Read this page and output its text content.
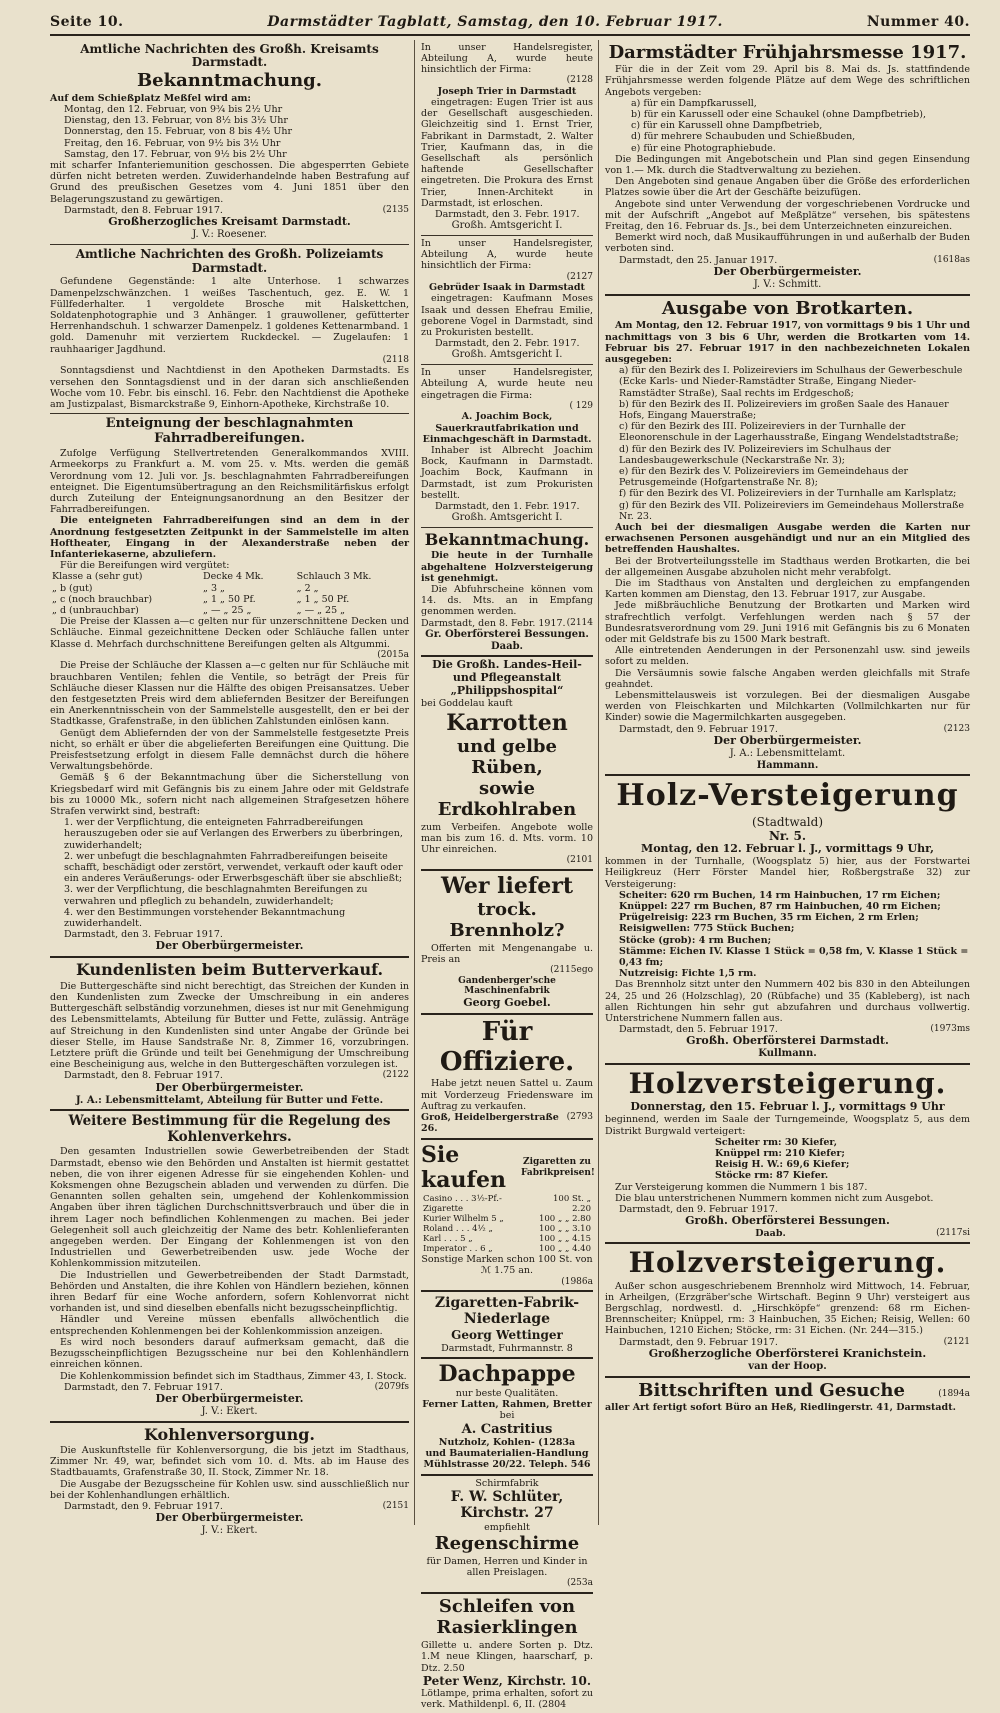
Seite 10.	Darmstädter Tagblatt, Samstag, den 10. Februar 1917.	Nummer 40.
Amtliche Nachrichten des Großh. Kreisamts Darmstadt.
Bekanntmachung.

Auf dem Schießplatz Meßfel wird am:

Montag, den 12. Februar, von 9¾ bis 2½ Uhr

Dienstag, den 13. Februar, von 8½ bis 3½ Uhr

Donnerstag, den 15. Februar, von 8 bis 4½ Uhr

Freitag, den 16. Februar, von 9½ bis 3½ Uhr

Samstag, den 17. Februar, von 9½ bis 2½ Uhr

mit scharfer Infanteriemunition geschossen. Die abgesperrten Gebiete dürfen nicht betreten werden. Zuwiderhandelnde haben Bestrafung auf Grund des preußischen Gesetzes vom 4. Juni 1851 über den Belagerungszustand zu gewärtigen.

Darmstadt, den 8. Februar 1917.	(2135
Großherzogliches Kreisamt Darmstadt.
J. V.: Roesener.
Amtliche Nachrichten des Großh. Polizeiamts Darmstadt.

Gefundene Gegenstände: 1 alte Unterhose. 1 schwarzes Damenpelzschwänzchen. 1 weißes Taschentuch, gez. E. W. 1 Füllfederhalter. 1 vergoldete Brosche mit Halskettchen, Soldatenphotographie und 3 Anhänger. 1 grauwollener, gefütterter Herrenhandschuh. 1 schwarzer Damenpelz. 1 goldenes Kettenarmband. 1 gold. Damenuhr mit verziertem Ruckdeckel. — Zugelaufen: 1 rauhhaariger Jagdhund.

(2118

Sonntagsdienst und Nachtdienst in den Apotheken Darmstadts. Es versehen den Sonntagsdienst und in der daran sich anschließenden Woche vom 10. Febr. bis einschl. 16. Febr. den Nachtdienst die Apotheke am Justizpalast, Bismarckstraße 9, Einhorn-Apotheke, Kirchstraße 10.

Enteignung der beschlagnahmten Fahrradbereifungen.

Zufolge Verfügung Stellvertretenden Generalkommandos XVIII. Armeekorps zu Frankfurt a. M. vom 25. v. Mts. werden die gemäß Verordnung vom 12. Juli vor. Js. beschlagnahmten Fahrradbereifungen enteignet. Die Eigentumsübertragung an den Reichsmilitärfiskus erfolgt durch Zuteilung der Enteignungsanordnung an den Besitzer der Fahrradbereifungen.

Die enteigneten Fahrradbereifungen sind an dem in der Anordnung festgesetzten Zeitpunkt in der Sammelstelle im alten Hoftheater, Eingang in der Alexanderstraße neben der Infanteriekaserne, abzuliefern.

Für die Bereifungen wird vergütet:

Klasse a (sehr gut)	Decke 4 Mk.	Schlauch 3 Mk.
„ b (gut)	„ 3 „	„ 2 „
„ c (noch brauchbar)	„ 1 „ 50 Pf.	„ 1 „ 50 Pf.
„ d (unbrauchbar)	„ — „ 25 „	„ — „ 25 „

Die Preise der Klassen a—c gelten nur für unzerschnittene Decken und Schläuche. Einmal gezeichnittene Decken oder Schläuche fallen unter Klasse d. Mehrfach durchschnittene Bereifungen gelten als Altgummi.

(2015a

Die Preise der Schläuche der Klassen a—c gelten nur für Schläuche mit brauchbaren Ventilen; fehlen die Ventile, so beträgt der Preis für Schläuche dieser Klassen nur die Hälfte des obigen Preisansatzes. Ueber den festgesetzten Preis wird dem abliefernden Besitzer der Bereifungen ein Anerkenntnisschein von der Sammelstelle ausgestellt, den er bei der Stadtkasse, Grafenstraße, in den üblichen Zahlstunden einlösen kann.

Genügt dem Abliefernden der von der Sammelstelle festgesetzte Preis nicht, so erhält er über die abgelieferten Bereifungen eine Quittung. Die Preisfestsetzung erfolgt in diesem Falle demnächst durch die höhere Verwaltungsbehörde.

Gemäß § 6 der Bekanntmachung über die Sicherstellung von Kriegsbedarf wird mit Gefängnis bis zu einem Jahre oder mit Geldstrafe bis zu 10000 Mk., sofern nicht nach allgemeinen Strafgesetzen höhere Strafen verwirkt sind, bestraft:

1. wer der Verpflichtung, die enteigneten Fahrradbereifungen herauszugeben oder sie auf Verlangen des Erwerbers zu überbringen, zuwiderhandelt;

2. wer unbefugt die beschlagnahmten Fahrradbereifungen beiseite schafft, beschädigt oder zerstört, verwendet, verkauft oder kauft oder ein anderes Veräußerungs- oder Erwerbsgeschäft über sie abschließt;

3. wer der Verpflichtung, die beschlagnahmten Bereifungen zu verwahren und pfleglich zu behandeln, zuwiderhandelt;

4. wer den Bestimmungen vorstehender Bekanntmachung zuwiderhandelt.

Darmstadt, den 3. Februar 1917.

Der Oberbürgermeister.
Kundenlisten beim Butterverkauf.

Die Buttergeschäfte sind nicht berechtigt, das Streichen der Kunden in den Kundenlisten zum Zwecke der Umschreibung in ein anderes Buttergeschäft selbständig vorzunehmen, dieses ist nur mit Genehmigung des Lebensmittelamts, Abteilung für Butter und Fette, zulässig. Anträge auf Streichung in den Kundenlisten sind unter Angabe der Gründe bei dieser Stelle, im Hause Sandstraße Nr. 8, Zimmer 16, vorzubringen. Letztere prüft die Gründe und teilt bei Genehmigung der Umschreibung eine Bescheinigung aus, welche in den Buttergeschäften vorzulegen ist.

Darmstadt, den 8. Februar 1917.	(2122
Der Oberbürgermeister.
J. A.: Lebensmittelamt, Abteilung für Butter und Fette.
Weitere Bestimmung für die Regelung des Kohlenverkehrs.

Den gesamten Industriellen sowie Gewerbetreibenden der Stadt Darmstadt, ebenso wie den Behörden und Anstalten ist hiermit gestattet neben, die von ihrer eigenen Adresse für sie eingehenden Kohlen- und Koksmengen ohne Bezugschein abladen und verwenden zu dürfen. Die Genannten sollen gehalten sein, umgehend der Kohlenkommission Angaben über ihren täglichen Durchschnittsverbrauch und über die in ihrem Lager noch befindlichen Kohlenmengen zu machen. Bei jeder Gelegenheit soll auch gleichzeitig der Name des betr. Kohlenlieferanten angegeben werden. Der Eingang der Kohlenmengen ist von den Industriellen und Gewerbetreibenden usw. jede Woche der Kohlenkommission mitzuteilen.

Die Industriellen und Gewerbetreibenden der Stadt Darmstadt, Behörden und Anstalten, die ihre Kohlen von Händlern beziehen, können ihren Bedarf für eine Woche anfordern, sofern Kohlenvorrat nicht vorhanden ist, und sind dieselben ebenfalls nicht bezugsscheinpflichtig.

Händler und Vereine müssen ebenfalls allwöchentlich die entsprechenden Kohlenmengen bei der Kohlenkommission anzeigen.

Es wird noch besonders darauf aufmerksam gemacht, daß die Bezugsscheinpflichtigen Bezugsscheine nur bei den Kohlenhändlern einreichen können.

Die Kohlenkommission befindet sich im Stadthaus, Zimmer 43, I. Stock.

Darmstadt, den 7. Februar 1917.	(2079fs
Der Oberbürgermeister.
J. V.: Ekert.
Kohlenversorgung.

Die Auskunftstelle für Kohlenversorgung, die bis jetzt im Stadthaus, Zimmer Nr. 49, war, befindet sich vom 10. d. Mts. ab im Hause des Stadtbauamts, Grafenstraße 30, II. Stock, Zimmer Nr. 18.

Die Ausgabe der Bezugsscheine für Kohlen usw. sind ausschließlich nur bei der Kohlenhandlungen erhältlich.

Darmstadt, den 9. Februar 1917.	(2151
Der Oberbürgermeister.
J. V.: Ekert.
In unser Handelsregister, Abteilung A, wurde heute hinsichtlich der Firma:
(2128
Joseph Trier in Darmstadt

eingetragen: Eugen Trier ist aus der Gesellschaft ausgeschieden. Gleichzeitig sind 1. Ernst Trier, Fabrikant in Darmstadt, 2. Walter Trier, Kaufmann das, in die Gesellschaft als persönlich haftende Gesellschafter eingetreten. Die Prokura des Ernst Trier, Innen-Architekt in Darmstadt, ist erloschen.

Darmstadt, den 3. Febr. 1917.

Großh. Amtsgericht I.

In unser Handelsregister, Abteilung A, wurde heute hinsichtlich der Firma:

(2127
Gebrüder Isaak in Darmstadt

eingetragen: Kaufmann Moses Isaak und dessen Ehefrau Emilie, geborene Vogel in Darmstadt, sind zu Prokuristen bestellt.

Darmstadt, den 2. Febr. 1917.

Großh. Amtsgericht I.

In unser Handelsregister, Abteilung A, wurde heute neu eingetragen die Firma:

( 129
A. Joachim Bock, Sauerkrautfabrikation und Einmachgeschäft in Darmstadt.

Inhaber ist Albrecht Joachim Bock, Kaufmann in Darmstadt. Joachim Bock, Kaufmann in Darmstadt, ist zum Prokuristen bestellt.

Darmstadt, den 1. Febr. 1917.

Großh. Amtsgericht I.
Bekanntmachung.

Die heute in der Turnhalle abgehaltene Holzversteigerung ist genehmigt.

Die Abfuhrscheine können vom 14. ds. Mts. an in Empfang genommen werden.

Darmstadt, den 8. Febr. 1917. (2114
Gr. Oberförsterei Bessungen.
Daab.
Die Großh. Landes-Heil- und Pflegeanstalt „Philippshospital“
bei Goddelau kauft
Karrotten
und gelbe Rüben,
sowie Erdkohlraben

zum Verbeifen. Angebote wolle man bis zum 16. d. Mts. vorm. 10 Uhr einreichen.

(2101
Wer liefert
trock. Brennholz?

Offerten mit Mengenangabe u. Preis an

(2115ego
Gandenberger'sche Maschinenfabrik
Georg Goebel.
Für Offiziere.

Habe jetzt neuen Sattel u. Zaum mit Vorderzeug Friedensware im Auftrag zu verkaufen.

Groß, Heidelbergerstraße 26.
(2793
Sie kaufen
Zigaretten zu Fabrikpreisen!
Casino . . . 3½-Pf.-Zigarette	100 St. „ 2.20
Kurier Wilhelm 5 „	100 „ „ 2.80
Roland . . . 4½ „	100 „ „ 3.10
Karl . . . 5 „	100 „ „ 4.15
Imperator . . 6 „	100 „ „ 4.40

Sonstige Marken schon 100 St. von ℳ 1.75 an.

(1986a
Zigaretten-Fabrik-Niederlage
Georg Wettinger
Darmstadt, Fuhrmannstr. 8
Dachpappe
nur beste Qualitäten.
Ferner Latten, Rahmen, Bretter
bei
A. Castritius
Nutzholz, Kohlen- (1283a
und Baumaterialien-Handlung
Mühlstrasse 20/22. Teleph. 546
Schirmfabrik
F. W. Schlüter, Kirchstr. 27
empfiehlt
Regenschirme

für Damen, Herren und Kinder in allen Preislagen.

(253a
Schleifen von
Rasierklingen

Gillette u. andere Sorten p. Dtz. 1.M neue Klingen, haarscharf, p. Dtz. 2.50

Peter Wenz, Kirchstr. 10.

Lötlampe, prima erhalten, sofort zu verk. Mathildenpl. 6, II. (2804

Darmstädter Frühjahrsmesse 1917.

Für die in der Zeit vom 29. April bis 8. Mai ds. Js. stattfindende Frühjahrsmesse werden folgende Plätze auf dem Wege des schriftlichen Angebots vergeben:

a) für ein Dampfkarussell,

b) für ein Karussell oder eine Schaukel (ohne Dampfbetrieb),

c) für ein Karussell ohne Dampfbetrieb,

d) für mehrere Schaubuden und Schießbuden,

e) für eine Photographiebude.

Die Bedingungen mit Angebotschein und Plan sind gegen Einsendung von 1.— Mk. durch die Stadtverwaltung zu beziehen.

Den Angeboten sind genaue Angaben über die Größe des erforderlichen Platzes sowie über die Art der Geschäfte beizufügen.

Angebote sind unter Verwendung der vorgeschriebenen Vordrucke und mit der Aufschrift „Angebot auf Meßplätze“ versehen, bis spätestens Freitag, den 16. Februar ds. Js., bei dem Unterzeichneten einzureichen.

Bemerkt wird noch, daß Musikaufführungen in und außerhalb der Buden verboten sind.

Darmstadt, den 25. Januar 1917.	(1618as
Der Oberbürgermeister.
J. V.: Schmitt.
Ausgabe von Brotkarten.

Am Montag, den 12. Februar 1917, von vormittags 9 bis 1 Uhr und nachmittags von 3 bis 6 Uhr, werden die Brotkarten vom 14. Februar bis 27. Februar 1917 in den nachbezeichneten Lokalen ausgegeben:

a) für den Bezirk des I. Polizeireviers im Schulhaus der Gewerbeschule (Ecke Karls- und Nieder-Ramstädter Straße, Eingang Nieder-Ramstädter Straße), Saal rechts im Erdgeschoß;

b) für den Bezirk des II. Polizeireviers im großen Saale des Hanauer Hofs, Eingang Mauerstraße;

c) für den Bezirk des III. Polizeireviers in der Turnhalle der Eleonorenschule in der Lagerhausstraße, Eingang Wendelstadtstraße;

d) für den Bezirk des IV. Polizeireviers im Schulhaus der Landesbaugewerkschule (Neckarstraße Nr. 3);

e) für den Bezirk des V. Polizeireviers im Gemeindehaus der Petrusgemeinde (Hofgartenstraße Nr. 8);

f) für den Bezirk des VI. Polizeireviers in der Turnhalle am Karlsplatz;

g) für den Bezirk des VII. Polizeireviers im Gemeindehaus Mollerstraße Nr. 23.

Auch bei der diesmaligen Ausgabe werden die Karten nur erwachsenen Personen ausgehändigt und nur an ein Mitglied des betreffenden Haushaltes.

Bei der Brotverteilungsstelle im Stadthaus werden Brotkarten, die bei der allgemeinen Ausgabe abzuholen nicht mehr verabfolgt.

Die im Stadthaus von Anstalten und dergleichen zu empfangenden Karten kommen am Dienstag, den 13. Februar 1917, zur Ausgabe.

Jede mißbräuchliche Benutzung der Brotkarten und Marken wird strafrechtlich verfolgt. Verfehlungen werden nach § 57 der Bundesratsverordnung vom 29. Juni 1916 mit Gefängnis bis zu 6 Monaten oder mit Geldstrafe bis zu 1500 Mark bestraft.

Alle eintretenden Aenderungen in der Personenzahl usw. sind jeweils sofort zu melden.

Die Versäumnis sowie falsche Angaben werden gleichfalls mit Strafe geahndet.

Lebensmittelausweis ist vorzulegen. Bei der diesmaligen Ausgabe werden von Fleischkarten und Milchkarten (Vollmilchkarten nur für Kinder) sowie die Magermilchkarten ausgegeben.

Darmstadt, den 9. Februar 1917.	(2123
Der Oberbürgermeister.
J. A.: Lebensmittelamt.
Hammann.
Holz-Versteigerung
(Stadtwald)
Nr. 5.
Montag, den 12. Februar l. J., vormittags 9 Uhr,

kommen in der Turnhalle, (Woogsplatz 5) hier, aus der Forstwartei Heiligkreuz (Herr Förster Mandel hier, Roßbergstraße 32) zur Versteigerung:

Scheiter: 620 rm Buchen, 14 rm Hainbuchen, 17 rm Eichen;

Knüppel: 227 rm Buchen, 87 rm Hainbuchen, 40 rm Eichen;

Prügelreisig: 223 rm Buchen, 35 rm Eichen, 2 rm Erlen;

Reisigwellen: 775 Stück Buchen;

Stöcke (grob): 4 rm Buchen;

Stämme: Eichen IV. Klasse 1 Stück = 0,58 fm, V. Klasse 1 Stück = 0,43 fm;

Nutzreisig: Fichte 1,5 rm.

Das Brennholz sitzt unter den Nummern 402 bis 830 in den Abteilungen 24, 25 und 26 (Holzschlag), 20 (Rübfache) und 35 (Kableberg), ist nach allen Richtungen hin sehr gut abzufahren und durchaus vollwertig. Unterstrichene Nummern fallen aus.

Darmstadt, den 5. Februar 1917.	(1973ms
Großh. Oberförsterei Darmstadt.
Kullmann.
Holzversteigerung.
Donnerstag, den 15. Februar l. J., vormittags 9 Uhr

beginnend, werden im Saale der Turngemeinde, Woogsplatz 5, aus dem Distrikt Burgwald verteigert:

Scheiter rm: 30 Kiefer,

Knüppel rm: 210 Kiefer;

Reisig H. W.: 69,6 Kiefer;

Stöcke rm: 87 Kiefer.

Zur Versteigerung kommen die Nummern 1 bis 187.

Die blau unterstrichenen Nummern kommen nicht zum Ausgebot.

Darmstadt, den 9. Februar 1917.

Großh. Oberförsterei Bessungen.
Daab.	(2117si
Holzversteigerung.

Außer schon ausgeschriebenem Brennholz wird Mittwoch, 14. Februar, in Arheilgen, (Erzgräber'sche Wirtschaft. Beginn 9 Uhr) versteigert aus Bergschlag, nordwestl. d. „Hirschköpfe“ grenzend: 68 rm Eichen-Brennscheiter; Knüppel, rm: 3 Hainbuchen, 35 Eichen; Reisig, Wellen: 60 Hainbuchen, 1210 Eichen; Stöcke, rm: 31 Eichen. (Nr. 244—315.)

Darmstadt, den 9. Februar 1917.	(2121
Großherzogliche Oberförsterei Kranichstein.
van der Hoop.
Bittschriften und Gesuche	(1894a

aller Art fertigt sofort Büro an Heß, Riedlingerstr. 41, Darmstadt.
